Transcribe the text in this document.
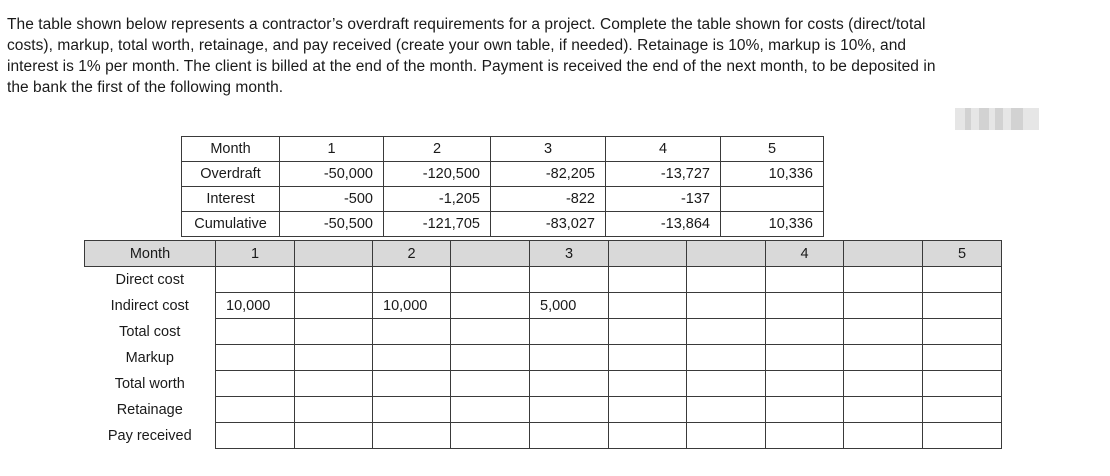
The table shown below represents a contractor’s overdraft requirements for a project. Complete the table shown for costs (direct/total

costs), markup, total worth, retainage, and pay received (create your own table, if needed). Retainage is 10%, markup is 10%, and

interest is 1% per month. The client is billed at the end of the month. Payment is received the end of the next month, to be deposited in

the bank the first of the following month.

Month	1	2	3	4	5
Overdraft	-50,000	-120,500	-82,205	-13,727	10,336
Interest	-500	-1,205	-822	-137	
Cumulative	-50,500	-121,705	-83,027	-13,864	10,336
Month	1		2		3			4		5
Direct cost										
Indirect cost	10,000		10,000		5,000					
Total cost										
Markup										
Total worth										
Retainage										
Pay received										
